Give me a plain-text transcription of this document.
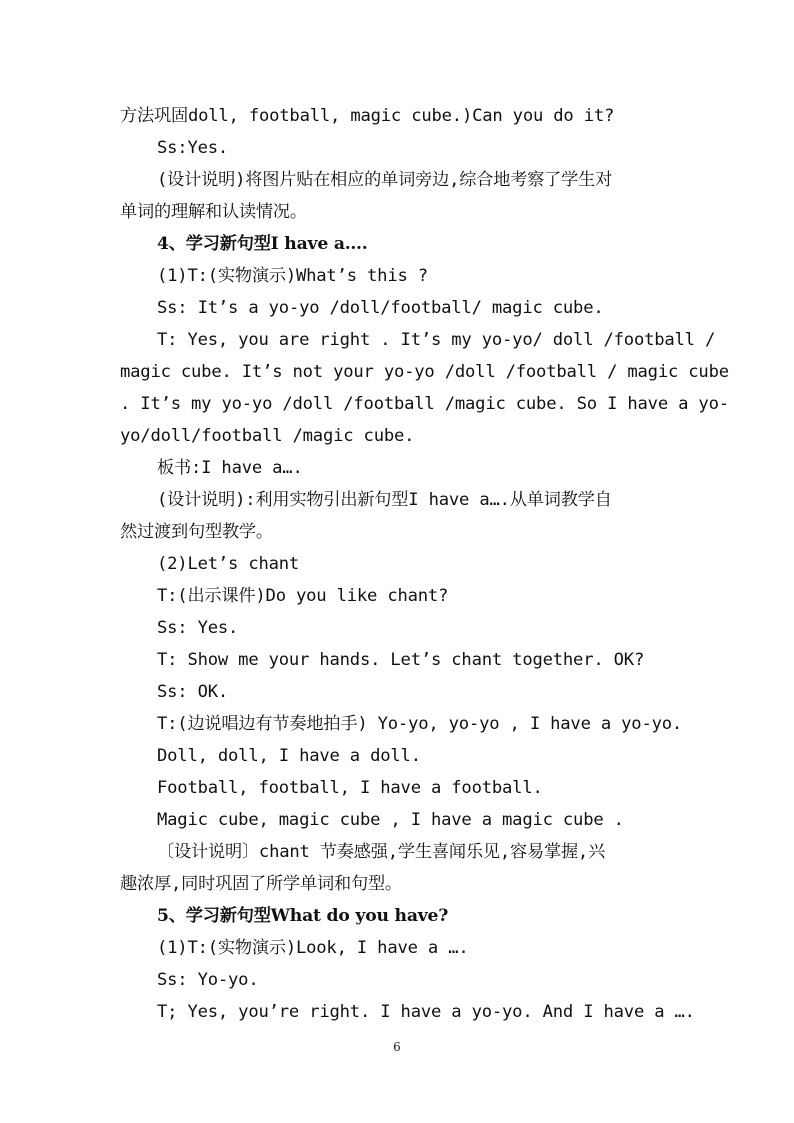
方法巩固doll, football, magic cube.)Can you do it?
Ss:Yes.
(设计说明)将图片贴在相应的单词旁边,综合地考察了学生对
单词的理解和认读情况。
4、学习新句型I have a….
(1)T:(实物演示)What’s this ?
Ss: It’s a yo-yo /doll/football/ magic cube.
T: Yes, you are right . It’s my yo-yo/ doll /football /
magic cube. It’s not your yo-yo /doll /football / magic cube
. It’s my yo-yo /doll /football /magic cube. So I have a yo-
yo/doll/football /magic cube.
板书:I have a….
(设计说明):利用实物引出新句型I have a….从单词教学自
然过渡到句型教学。
(2)Let’s chant
T:(出示课件)Do you like chant?
Ss: Yes.
T: Show me your hands. Let’s chant together. OK?
Ss: OK.
T:(边说唱边有节奏地拍手) Yo-yo, yo-yo , I have a yo-yo.
Doll, doll, I have a doll.
Football, football, I have a football.
Magic cube, magic cube , I have a magic cube .
〔设计说明〕chant 节奏感强,学生喜闻乐见,容易掌握,兴
趣浓厚,同时巩固了所学单词和句型。
5、学习新句型What do you have?
(1)T:(实物演示)Look, I have a ….
Ss: Yo-yo.
T; Yes, you’re right. I have a yo-yo. And I have a ….
6
